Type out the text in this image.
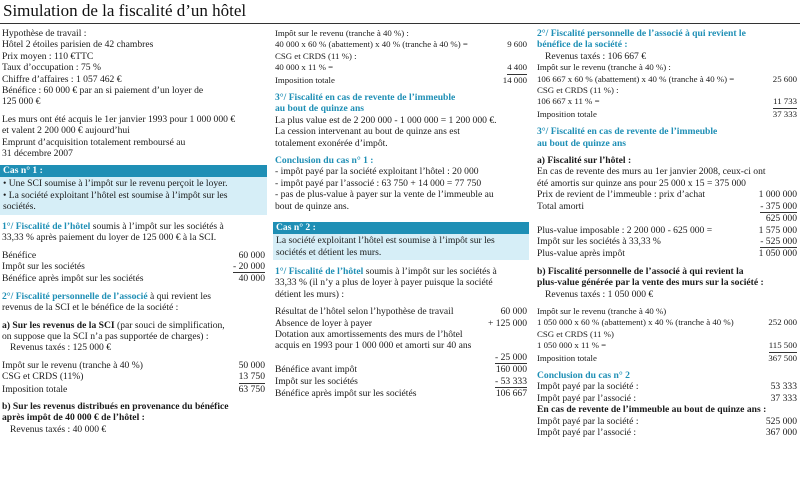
Simulation de la fiscalité d’un hôtel

Hypothèse de travail :

Hôtel 2 étoiles parisien de 42 chambres

Prix moyen : 110 €TTC

Taux d’occupation : 75 %

Chiffre d’affaires : 1 057 462 €

Bénéfice : 60 000 € par an si paiement d’un loyer de

125 000 €

Les murs ont été acquis le 1er janvier 1993 pour 1 000 000 €

et valent 2 200 000 € aujourd’hui

Emprunt d’acquisition totalement remboursé au

31 décembre 2007

Cas n° 1 :

• Une SCI soumise à l’impôt sur le revenu perçoit le loyer.

• La société exploitant l’hôtel est soumise à l’impôt sur les

sociétés.

1°/ Fiscalité de l’hôtel soumis à l’impôt sur les sociétés à

33,33 % après paiement du loyer de 125 000 € à la SCI.

Bénéfice	60 000
Impôt sur les sociétés	- 20 000
Bénéfice après impôt sur les sociétés	40 000

2°/ Fiscalité personnelle de l’associé à qui revient les

revenus de la SCI et le bénéfice de la société :

a) Sur les revenus de la SCI (par souci de simplification,

on suppose que la SCI n’a pas supportée de charges) :

Revenus taxés : 125 000 €

Impôt sur le revenu (tranche à 40 %)	50 000
CSG et CRDS (11%)	13 750
Imposition totale	63 750

b) Sur les revenus distribués en provenance du bénéfice

après impôt de 40 000 € de l’hôtel :

Revenus taxés : 40 000 €

Impôt sur le revenu (tranche à 40 %) :
40 000 x 60 % (abattement) x 40 % (tranche à 40 %) =	9 600
CSG et CRDS (11 %) :
40 000 x 11 % =	4 400
Imposition totale	14 000

3°/ Fiscalité en cas de revente de l’immeuble

au bout de quinze ans

La plus value est de 2 200 000 - 1 000 000 = 1 200 000 €.

La cession intervenant au bout de quinze ans est

totalement exonérée d’impôt.

Conclusion du cas n° 1 :

- impôt payé par la société exploitant l’hôtel : 20 000

- impôt payé par l’associé : 63 750 + 14 000 = 77 750

- pas de plus-value à payer sur la vente de l’immeuble au

bout de quinze ans.

Cas n° 2 :

La société exploitant l’hôtel est soumise à l’impôt sur les

sociétés et détient les murs.

1°/ Fiscalité de l’hôtel soumis à l’impôt sur les sociétés à

33,33 % (il n’y a plus de loyer à payer puisque la société

détient les murs) :

Résultat de l’hôtel selon l’hypothèse de travail	60 000
Absence de loyer à payer	+ 125 000
Dotation aux amortissements des murs de l’hôtel
acquis en 1993 pour 1 000 000 et amorti sur 40 ans
- 25 000
Bénéfice avant impôt	160 000
Impôt sur les sociétés	- 53 333
Bénéfice après impôt sur les sociétés	106 667

2°/ Fiscalité personnelle de l’associé à qui revient le

bénéfice de la société :

Revenus taxés : 106 667 €

Impôt sur le revenu (tranche à 40 %) :
106 667 x 60 % (abattement) x 40 % (tranche à 40 %) =	25 600
CSG et CRDS (11 %) :
106 667 x 11 % =	11 733
Imposition totale	37 333

3°/ Fiscalité en cas de revente de l’immeuble

au bout de quinze ans

a) Fiscalité sur l’hôtel :

En cas de revente des murs au 1er janvier 2008, ceux-ci ont

été amortis sur quinze ans pour 25 000 x 15 = 375 000

Prix de revient de l’immeuble : prix d’achat	1 000 000
Total amorti	- 375 000
625 000
Plus-value imposable : 2 200 000 - 625 000 =	1 575 000
Impôt sur les sociétés à 33,33 %	- 525 000
Plus-value après impôt	1 050 000

b) Fiscalité personnelle de l’associé à qui revient la

plus-value générée par la vente des murs sur la société :

Revenus taxés : 1 050 000 €

Impôt sur le revenu (tranche à 40 %)
1 050 000 x 60 % (abattement) x 40 % (tranche à 40 %)	252 000
CSG et CRDS (11 %)
1 050 000 x 11 % =	115 500
Imposition totale	367 500

Conclusion du cas n° 2

Impôt payé par la société :	53 333
Impôt payé par l’associé :	37 333

En cas de revente de l’immeuble au bout de quinze ans :

Impôt payé par la société :	525 000
Impôt payé par l’associé :	367 000
